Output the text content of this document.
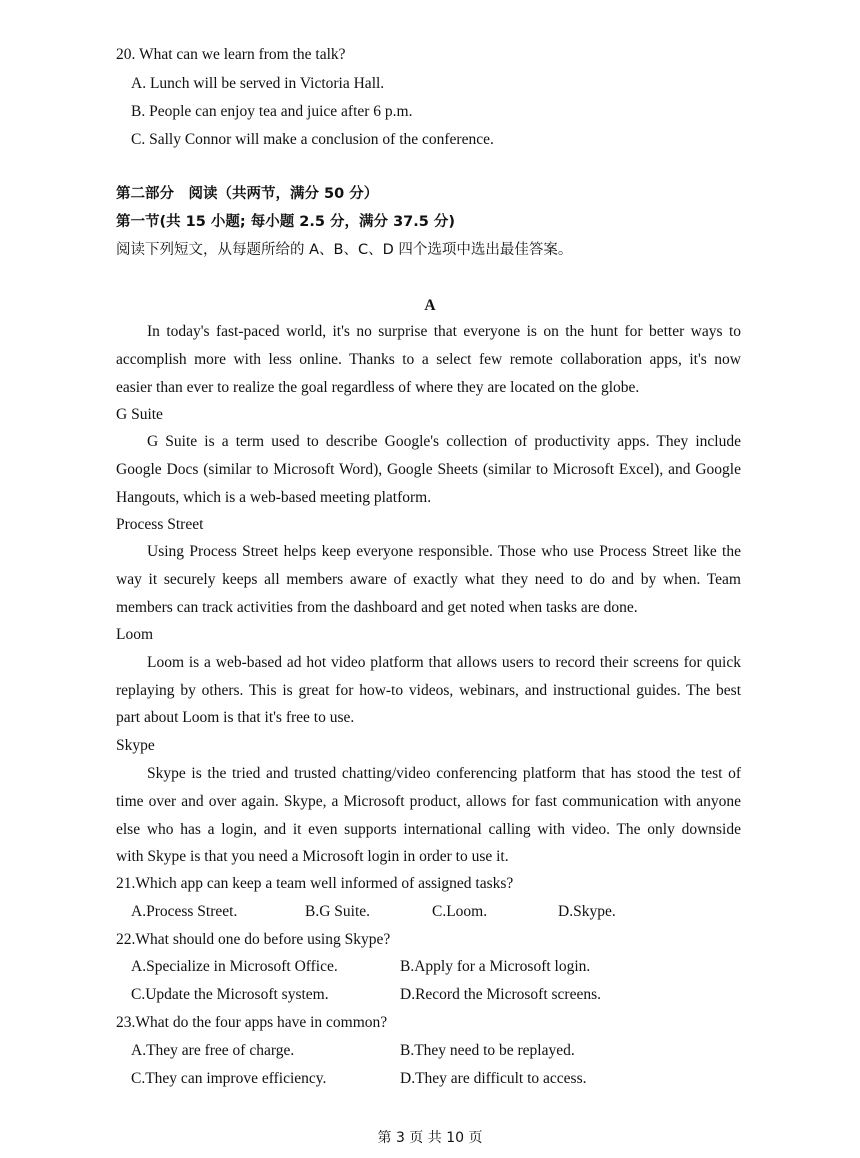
20. What can we learn from the talk?
A. Lunch will be served in Victoria Hall.
B. People can enjoy tea and juice after 6 p.m.
C. Sally Connor will make a conclusion of the conference.
第二部分　阅读（共两节，满分 50 分）
第一节(共 15 小题; 每小题 2.5 分，满分 37.5 分)
阅读下列短文，从每题所给的 A、B、C、D 四个选项中选出最佳答案。
A
In today's fast-paced world, it's no surprise that everyone is on the hunt for better ways to
accomplish more with less online. Thanks to a select few remote collaboration apps, it's now
easier than ever to realize the goal regardless of where they are located on the globe.
G Suite
G Suite is a term used to describe Google's collection of productivity apps. They include
Google Docs (similar to Microsoft Word), Google Sheets (similar to Microsoft Excel), and Google
Hangouts, which is a web-based meeting platform.
Process Street
Using Process Street helps keep everyone responsible. Those who use Process Street like the
way it securely keeps all members aware of exactly what they need to do and by when. Team
members can track activities from the dashboard and get noted when tasks are done.
Loom
Loom is a web-based ad hot video platform that allows users to record their screens for quick
replaying by others. This is great for how-to videos, webinars, and instructional guides. The best
part about Loom is that it's free to use.
Skype
Skype is the tried and trusted chatting/video conferencing platform that has stood the test of
time over and over again. Skype, a Microsoft product, allows for fast communication with anyone
else who has a login, and it even supports international calling with video. The only downside
with Skype is that you need a Microsoft login in order to use it.
21.Which app can keep a team well informed of assigned tasks?
A.Process Street.	B.G Suite.	C.Loom.	D.Skype.
22.What should one do before using Skype?
A.Specialize in Microsoft Office.	B.Apply for a Microsoft login.
C.Update the Microsoft system.	D.Record the Microsoft screens.
23.What do the four apps have in common?
A.They are free of charge.	B.They need to be replayed.
C.They can improve efficiency.	D.They are difficult to access.
第 3 页 共 10 页
